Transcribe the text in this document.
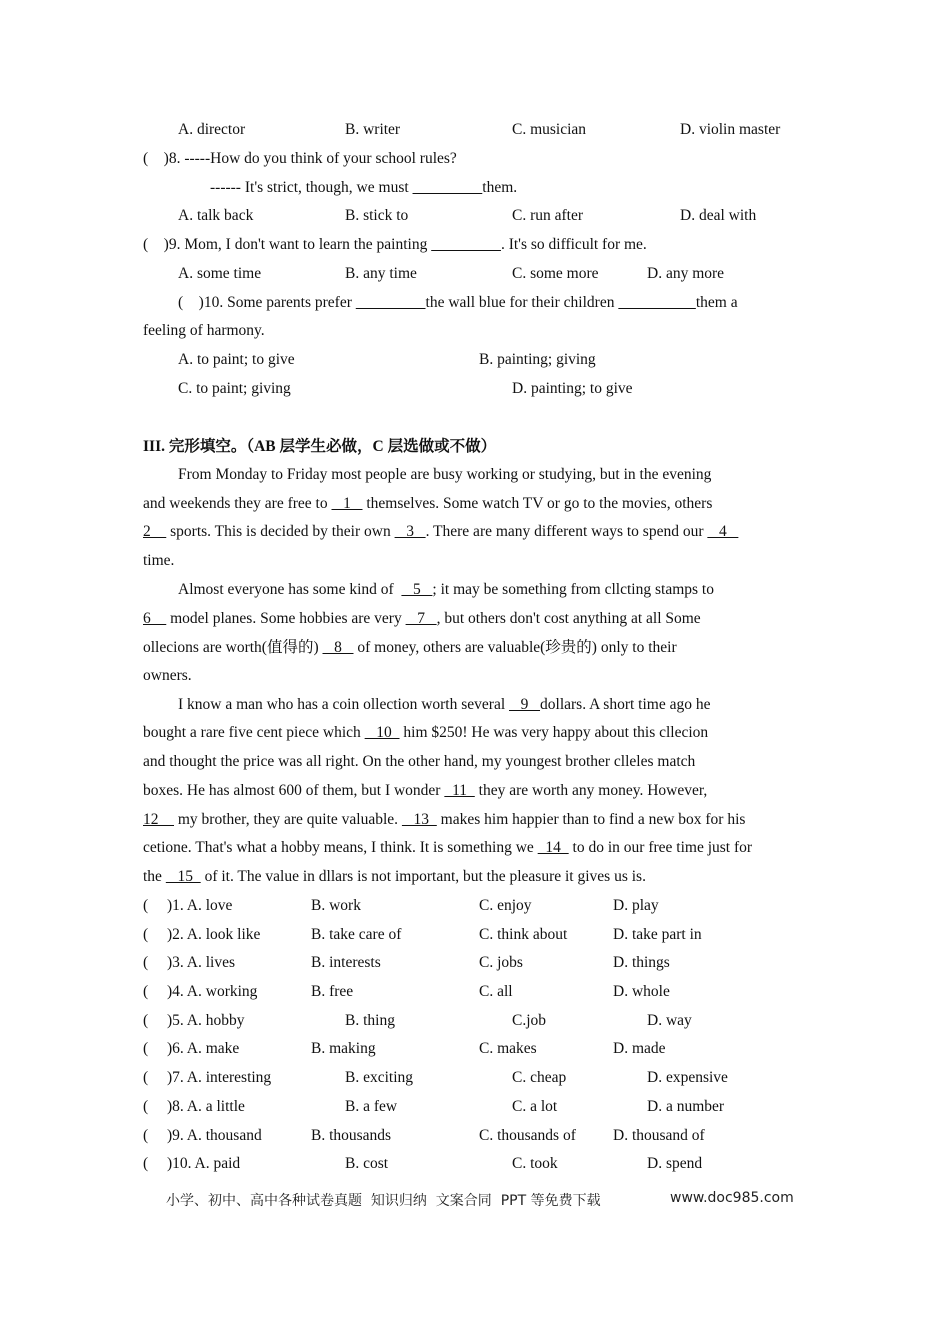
A. director	B. writer	C. musician	D. violin master
(    )8. -----How do you think of your school rules?
------ It's strict, though, we must	them.
A. talk back	B. stick to	C. run after	D. deal with
(    )9. Mom, I don't want to learn the painting	. It's so difficult for me.
A. some time	B. any time	C. some more	D. any more
(    )10. Some parents prefer	the wall blue for their children	them a
feeling of harmony.
A. to paint; to give	B. painting; giving
C. to paint; giving	D. painting; to give
III. 完形填空。（AB 层学生必做，C 层选做或不做）
From Monday to Friday most people are busy working or studying, but in the evening
and weekends they are free to    1    themselves. Some watch TV or go to the movies, others
2     sports. This is decided by their own    3   . There are many different ways to spend our    4
time.
Almost everyone has some kind of     5   ; it may be something from cllcting stamps to
6     model planes. Some hobbies are very    7   , but others don't cost anything at all Some
ollecions are worth(值得的)    8    of money, others are valuable(珍贵的) only to their
owners.
I know a man who has a coin ollection worth several    9   dollars. A short time ago he
bought a rare five cent piece which    10   him $250! He was very happy about this cllecion
and thought the price was all right. On the other hand, my youngest brother clleles match
boxes. He has almost 600 of them, but I wonder   11   they are worth any money. However,
12     my brother, they are quite valuable.    13   makes him happier than to find a new box for his
cetione. That's what a hobby means, I think. It is something we   14   to do in our free time just for
the    15   of it. The value in dllars is not important, but the pleasure it gives us is.
( )1. A. love	B. work	C. enjoy	D. play
( )2. A. look like	B. take care of	C. think about	D. take part in
( )3. A. lives	B. interests	C. jobs	D. things
( )4. A. working	B. free	C. all	D. whole
( )5. A. hobby	B. thing	C.job	D. way
( )6. A. make	B. making	C. makes	D. made
( )7. A. interesting	B. exciting	C. cheap	D. expensive
( )8. A. a little	B. a few	C. a lot	D. a number
( )9. A. thousand	B. thousands	C. thousands of D. thousand of
( )10. A. paid	B. cost	C. took	D. spend
小学、初中、高中各种试卷真题  知识归纳  文案合同  PPT 等免费下载	www.doc985.com
